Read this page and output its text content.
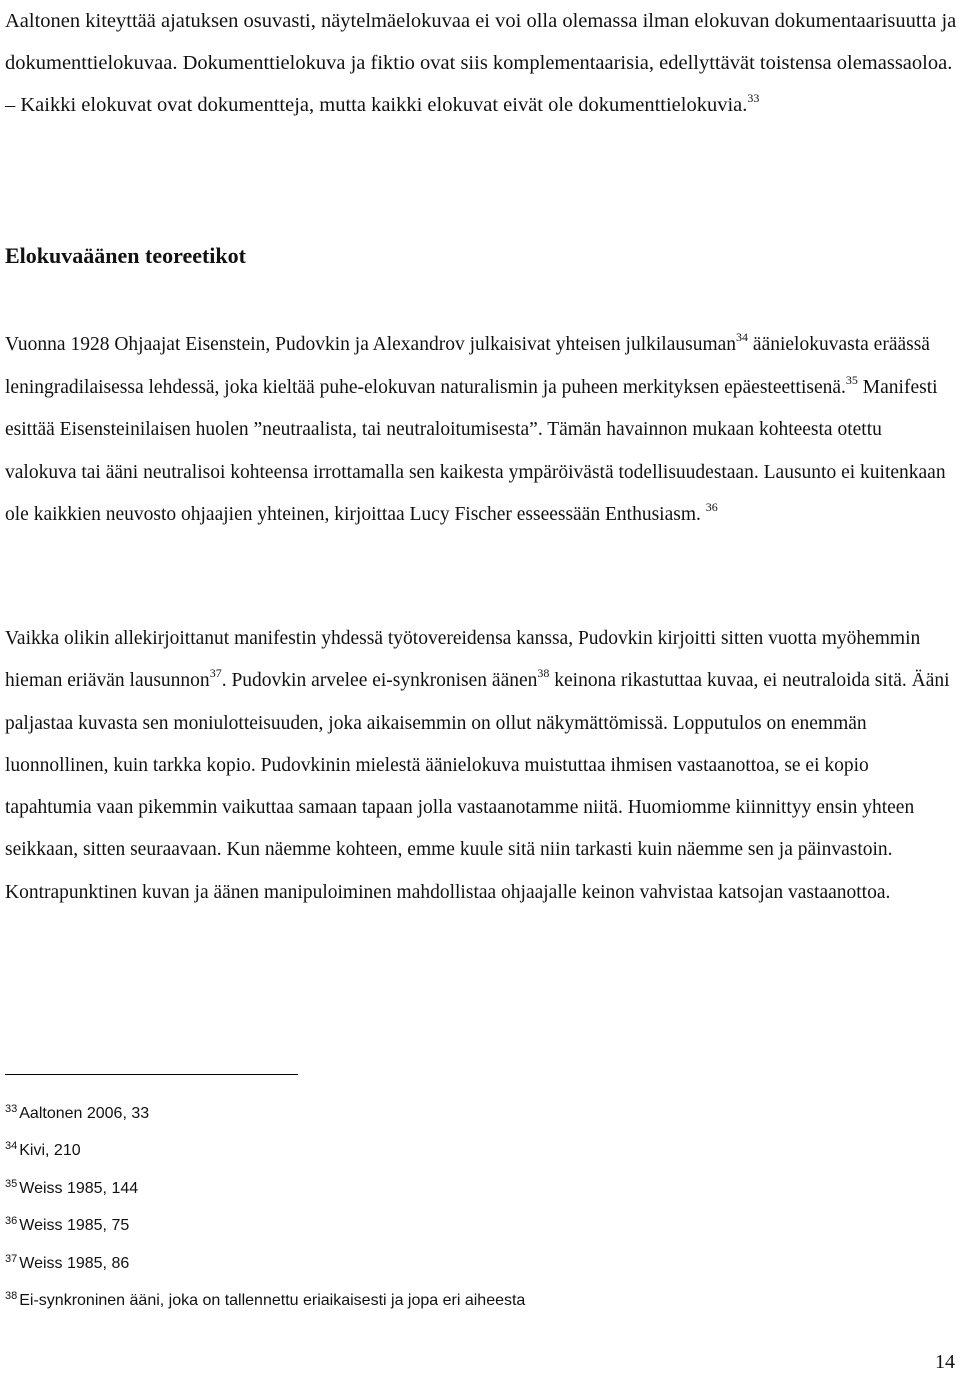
Aaltonen kiteyttää ajatuksen osuvasti, näytelmäelokuvaa ei voi olla olemassa ilman elokuvan dokumentaarisuutta ja dokumenttielokuvaa. Dokumenttielokuva ja fiktio ovat siis komplementaarisia, edellyttävät toistensa olemassaoloa. – Kaikki elokuvat ovat dokumentteja, mutta kaikki elokuvat eivät ole dokumenttielokuvia.$^{33}$

Elokuvaäänen teoreetikot

Vuonna 1928 Ohjaajat Eisenstein, Pudovkin ja Alexandrov julkaisivat yhteisen julkilausuman$^{34}$ äänielokuvasta eräässä leningradilaisessa lehdessä, joka kieltää puhe-elokuvan naturalismin ja puheen merkityksen epäesteettisenä.$^{35}$ Manifesti esittää Eisensteinilaisen huolen ”neutraalista, tai neutraloitumisesta”. Tämän havainnon mukaan kohteesta otettu valokuva tai ääni neutralisoi kohteensa irrottamalla sen kaikesta ympäröivästä todellisuudestaan. Lausunto ei kuitenkaan ole kaikkien neuvosto ohjaajien yhteinen, kirjoittaa Lucy Fischer esseessään Enthusiasm. $^{36}$

Vaikka olikin allekirjoittanut manifestin yhdessä työtovereidensa kanssa, Pudovkin kirjoitti sitten vuotta myöhemmin hieman eriävän lausunnon$^{37}$. Pudovkin arvelee ei-synkronisen äänen$^{38}$ keinona rikastuttaa kuvaa, ei neutraloida sitä. Ääni paljastaa kuvasta sen moniulotteisuuden, joka aikaisemmin on ollut näkymättömissä. Lopputulos on enemmän luonnollinen, kuin tarkka kopio. Pudovkinin mielestä äänielokuva muistuttaa ihmisen vastaanottoa, se ei kopio tapahtumia vaan pikemmin vaikuttaa samaan tapaan jolla vastaanotamme niitä. Huomiomme kiinnittyy ensin yhteen seikkaan, sitten seuraavaan. Kun näemme kohteen, emme kuule sitä niin tarkasti kuin näemme sen ja päinvastoin. Kontrapunktinen kuvan ja äänen manipuloiminen mahdollistaa ohjaajalle keinon vahvistaa katsojan vastaanottoa.

$^{33}$ Aaltonen 2006, 33
$^{34}$ Kivi, 210
$^{35}$ Weiss 1985, 144
$^{36}$ Weiss 1985, 75
$^{37}$ Weiss 1985, 86
$^{38}$ Ei-synkroninen ääni, joka on tallennettu eriaikaisesti ja jopa eri aiheesta
14
